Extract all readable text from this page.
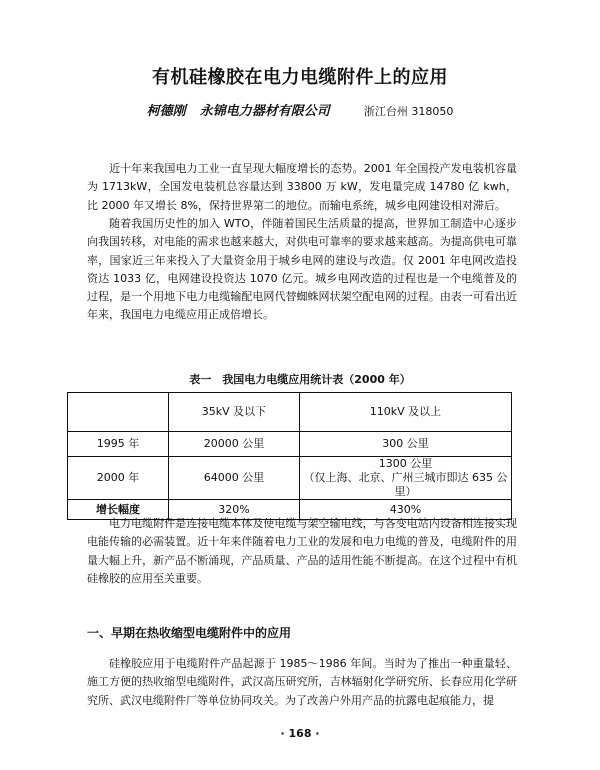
有机硅橡胶在电力电缆附件上的应用
柯德刚 永锦电力器材有限公司	浙江台州 318050

近十年来我国电力工业一直呈现大幅度增长的态势。2001 年全国投产发电装机容量为 1713kW，全国发电装机总容量达到 33800 万 kW，发电量完成 14780 亿 kwh，比 2000 年又增长 8%，保持世界第二的地位。而输电系统，城乡电网建设相对滞后。

随着我国历史性的加入 WTO，伴随着国民生活质量的提高，世界加工制造中心逐步向我国转移，对电能的需求也越来越大，对供电可靠率的要求越来越高。为提高供电可靠率，国家近三年来投入了大量资金用于城乡电网的建设与改造。仅 2001 年电网改造投资达 1033 亿，电网建设投资达 1070 亿元。城乡电网改造的过程也是一个电缆普及的过程，是一个用地下电力电缆输配电网代替蜘蛛网状架空配电网的过程。由表一可看出近年来，我国电力电缆应用正成倍增长。

表一　我国电力电缆应用统计表（2000 年）
	35kV 及以下	110kV 及以上
1995 年	20000 公里	300 公里
2000 年	64000 公里	1300 公里
（仅上海、北京、广州三城市即达 635 公里）

增长幅度	320%	430%

电力电缆附件是连接电缆本体及使电缆与架空输电线，与各变电站内设备相连接实现电能传输的必需装置。近十年来伴随着电力工业的发展和电力电缆的普及，电缆附件的用量大幅上升，新产品不断涌现，产品质量、产品的适用性能不断提高。在这个过程中有机硅橡胶的应用至关重要。

一、早期在热收缩型电缆附件中的应用

硅橡胶应用于电缆附件产品起源于 1985～1986 年间。当时为了推出一种重量轻、施工方便的热收缩型电缆附件，武汉高压研究所，吉林辐射化学研究所、长春应用化学研究所、武汉电缆附件厂等单位协同攻关。为了改善户外用产品的抗露电起痕能力，提

· 168 ·
